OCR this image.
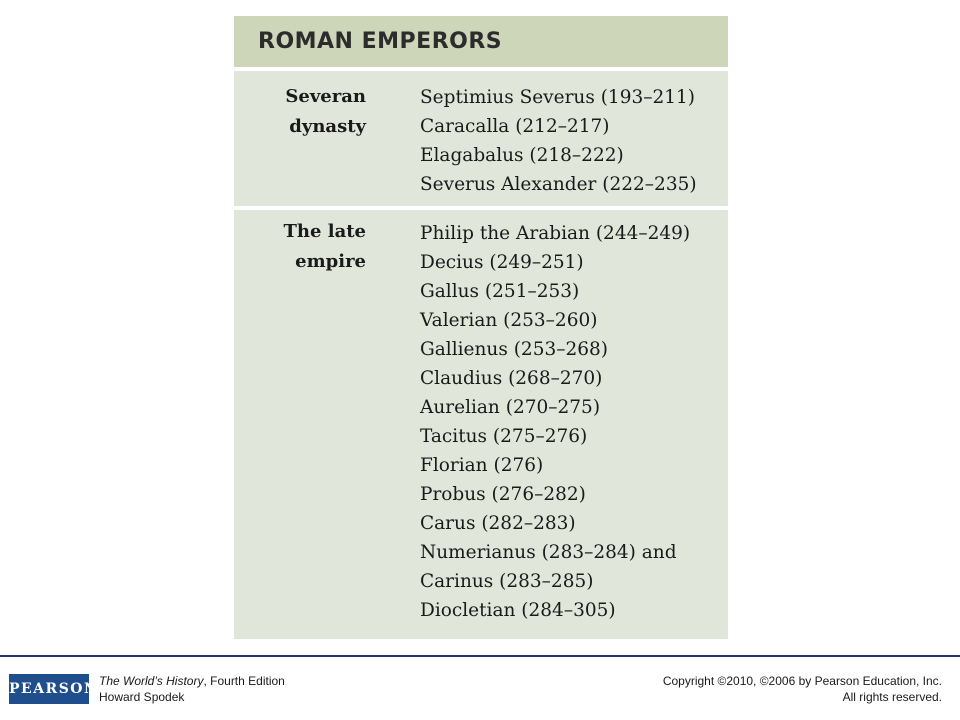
ROMAN EMPERORS
Severan
dynasty
Septimius Severus (193–211)
Caracalla (212–217)
Elagabalus (218–222)
Severus Alexander (222–235)
The late
empire
Philip the Arabian (244–249)
Decius (249–251)
Gallus (251–253)
Valerian (253–260)
Gallienus (253–268)
Claudius (268–270)
Aurelian (270–275)
Tacitus (275–276)
Florian (276)
Probus (276–282)
Carus (282–283)
Numerianus (283–284) and
Carinus (283–285)
Diocletian (284–305)
PEARSON The World’s History, Fourth Edition
Howard Spodek
Copyright ©2010, ©2006 by Pearson Education, Inc.
All rights reserved.
